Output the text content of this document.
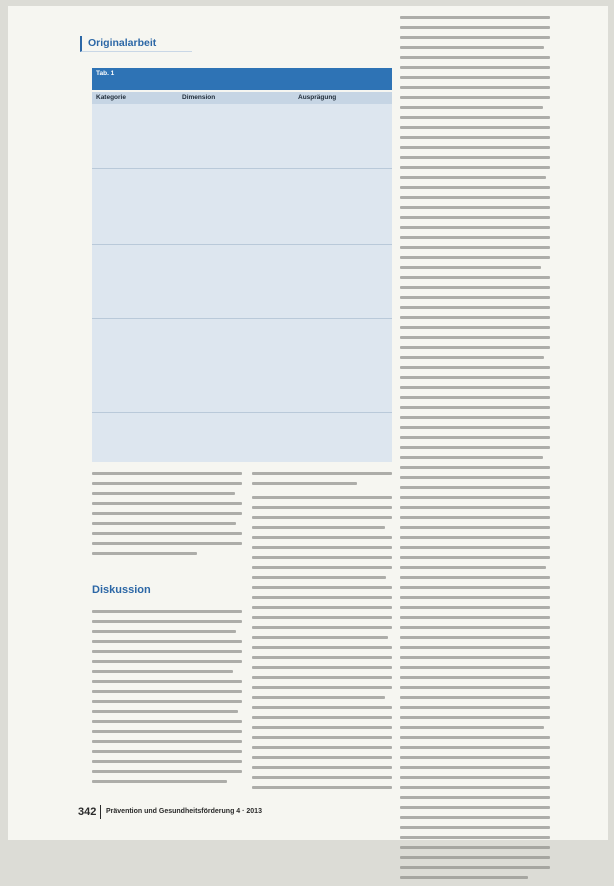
Originalarbeit
Tab. 1
Kategorie	Dimension	Ausprägung
Diskussion
342 Prävention und Gesundheitsförderung 4 · 2013
